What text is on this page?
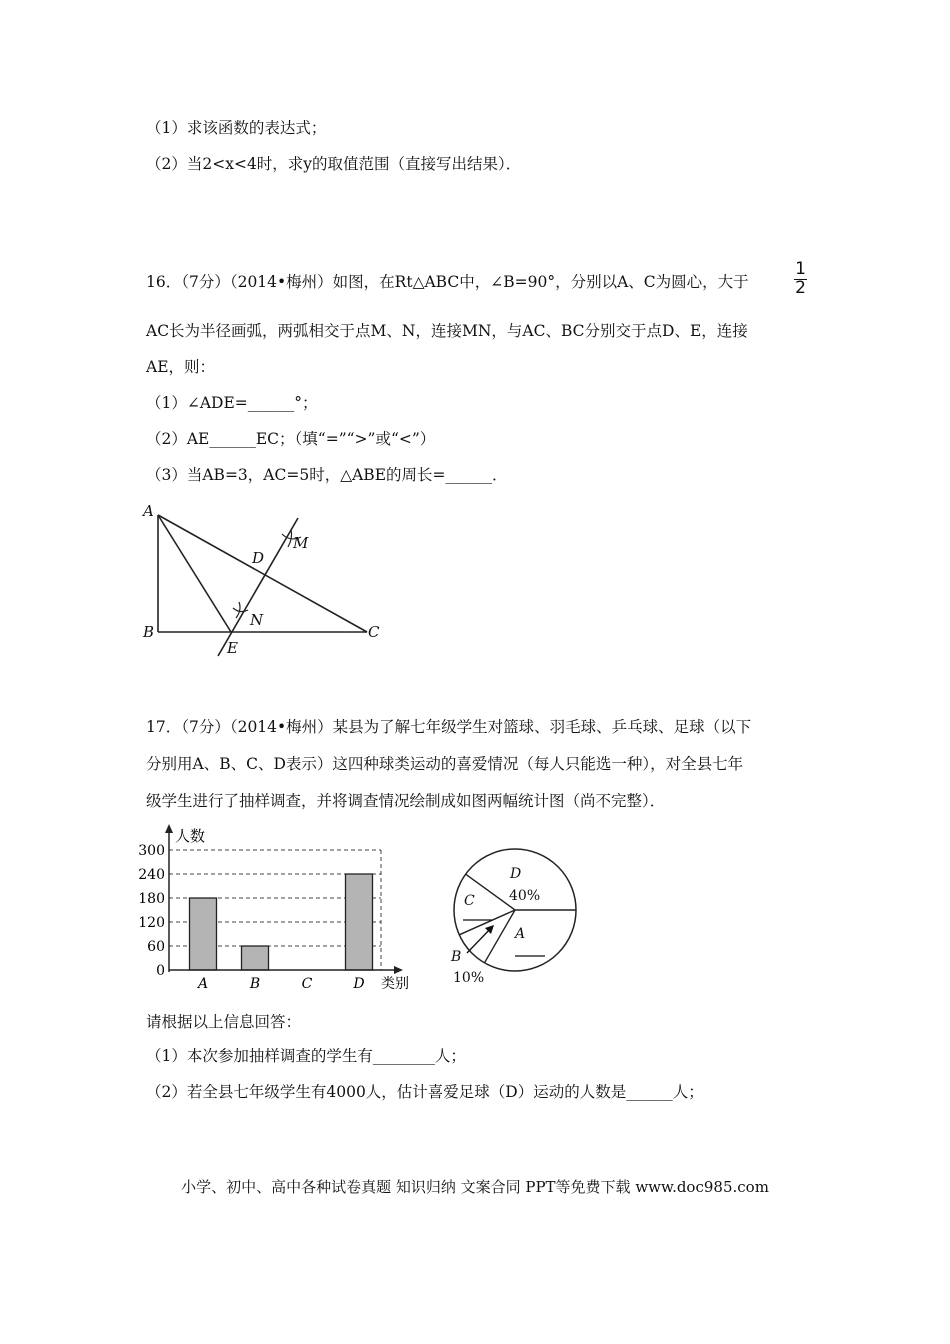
（1）求该函数的表达式；
（2）当2<x<4时，求y的取值范围（直接写出结果）．
16．（7分）（2014•梅州）如图，在Rt△ABC中，∠B=90°，分别以A、C为圆心，大于
1
2
AC长为半径画弧，两弧相交于点M、N，连接MN，与AC、BC分别交于点D、E，连接
AE，则：
（1）∠ADE=______°；
（2）AE______EC；（填“=”“>”或“<”）
（3）当AB=3，AC=5时，△ABE的周长=______．
A
B	C
D
E
M
N
17．（7分）（2014•梅州）某县为了解七年级学生对篮球、羽毛球、乒乓球、足球（以下
分别用A、B、C、D表示）这四种球类运动的喜爱情况（每人只能选一种），对全县七年
级学生进行了抽样调查，并将调查情况绘制成如图两幅统计图（尚不完整）．
人数
类别
0
60
120
180
240
300
A	B	C	D
D
40%
C
A
B
10%
请根据以上信息回答：
（1）本次参加抽样调查的学生有________人；
（2）若全县七年级学生有4000人，估计喜爱足球（D）运动的人数是______人；
小学、初中、高中各种试卷真题 知识归纳 文案合同 PPT等免费下载 www.doc985.com
